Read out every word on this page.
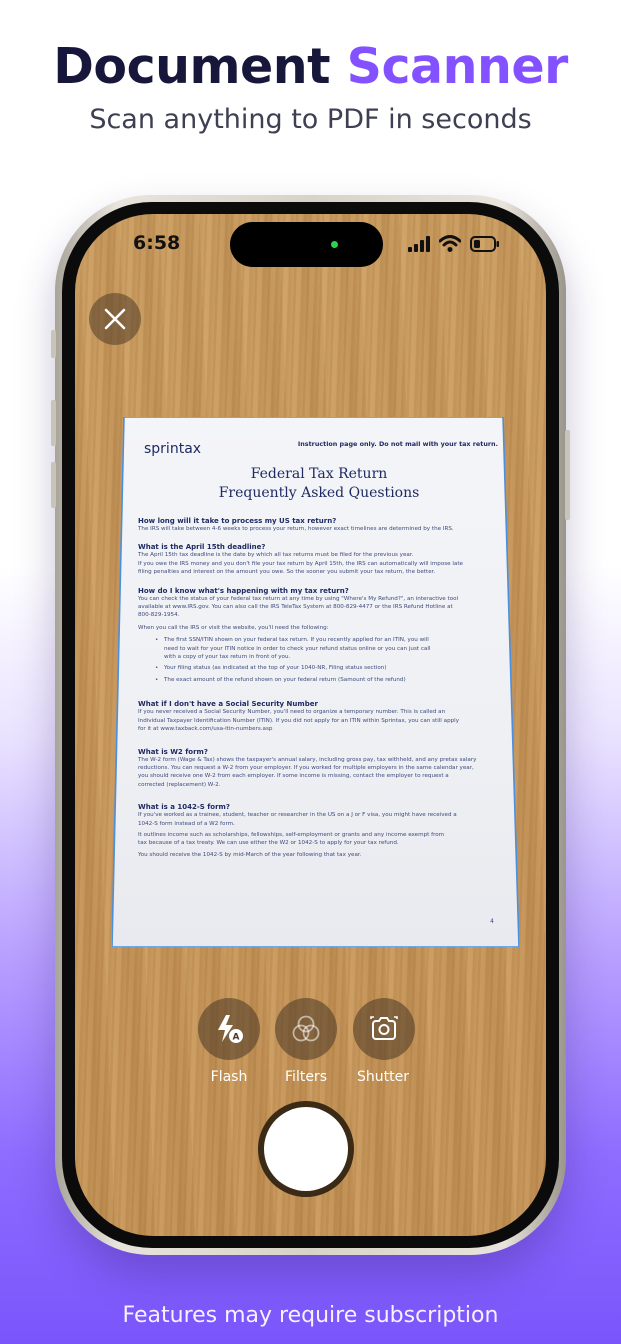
Document Scanner
Scan anything to PDF in seconds
6:58
sprintax	Instruction page only. Do not mail with your tax return.
Federal Tax Return
Frequently Asked Questions
How long will it take to process my US tax return?
The IRS will take between 4-6 weeks to process your return, however exact timelines are determined by the IRS.
What is the April 15th deadline?
The April 15th tax deadline is the date by which all tax returns must be filed for the previous year.
If you owe the IRS money and you don't file your tax return by April 15th, the IRS can automatically will impose late
filing penalties and interest on the amount you owe. So the sooner you submit your tax return, the better.
How do I know what's happening with my tax return?
You can check the status of your federal tax return at any time by using "Where's My Refund?", an interactive tool
available at www.IRS.gov. You can also call the IRS TeleTax System at 800-829-4477 or the IRS Refund Hotline at
800-829-1954.
When you call the IRS or visit the website, you'll need the following:
• The first SSN/ITIN shown on your federal tax return. If you recently applied for an ITIN, you will
need to wait for your ITIN notice in order to check your refund status online or you can just call
with a copy of your tax return in front of you.
• Your filing status (as indicated at the top of your 1040-NR, Filing status section)
• The exact amount of the refund shown on your federal return (Samount of the refund)
What if I don't have a Social Security Number
If you never received a Social Security Number, you'll need to organize a temporary number. This is called an
Individual Taxpayer Identification Number (ITIN). If you did not apply for an ITIN within Sprintax, you can still apply
for it at www.taxback.com/usa-itin-numbers.asp
What is W2 form?
The W-2 form (Wage & Tax) shows the taxpayer's annual salary, including gross pay, tax withheld, and any pretax salary
reductions. You can request a W-2 from your employer. If you worked for multiple employers in the same calendar year,
you should receive one W-2 from each employer. If some income is missing, contact the employer to request a
corrected (replacement) W-2.
What is a 1042-S form?
If you've worked as a trainee, student, teacher or researcher in the US on a J or F visa, you might have received a
1042-S form instead of a W2 form.
It outlines income such as scholarships, fellowships, self-employment or grants and any income exempt from
tax because of a tax treaty. We can use either the W2 or 1042-S to apply for your tax refund.
You should receive the 1042-S by mid-March of the year following that tax year.
4
A
Flash	Filters	Shutter
Features may require subscription
